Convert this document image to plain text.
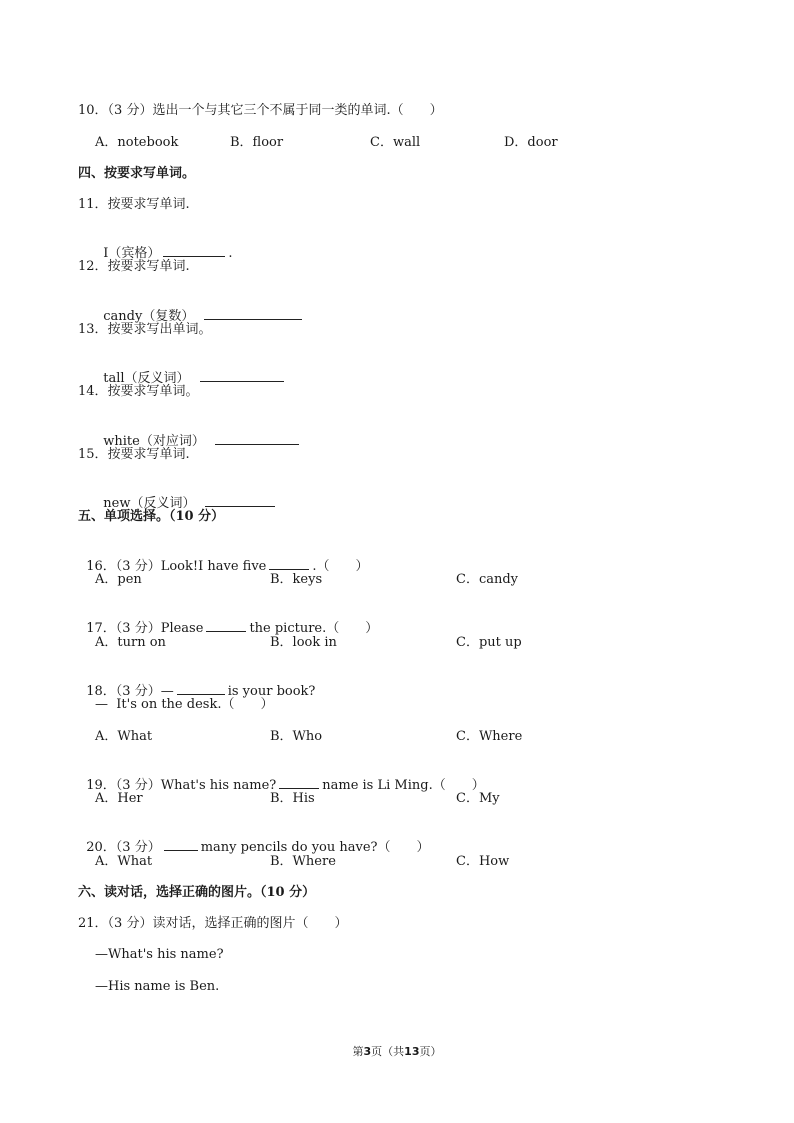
10．（3 分）选出一个与其它三个不属于同一类的单词.（　　）
A．notebook	B．floor	C．wall	D．door
四、按要求写单词。
11．按要求写单词.

I（宾格）	.

12．按要求写单词.

candy（复数）

13．按要求写出单词。

tall（反义词）

14．按要求写单词。

white（对应词）

15．按要求写单词.

new（反义词）

五、单项选择。（10 分）

16．（3 分）Look!I have five	.（　　）

A．pen	B．keys	C．candy

17．（3 分）Please	the picture.（　　）

A．turn on	B．look in	C．put up

18．（3 分）—	is your book?

—  It's on the desk.（　　）
A．What	B．Who	C．Where

19．（3 分）What's his name?	name is Li Ming.（　　）

A．Her	B．His	C．My

20．（3 分）	many pencils do you have?（　　）

A．What	B．Where	C．How
六、读对话，选择正确的图片。（10 分）
21．（3 分）读对话，选择正确的图片（　　）
—What's his name?
—His name is Ben.
第3页（共13页）
